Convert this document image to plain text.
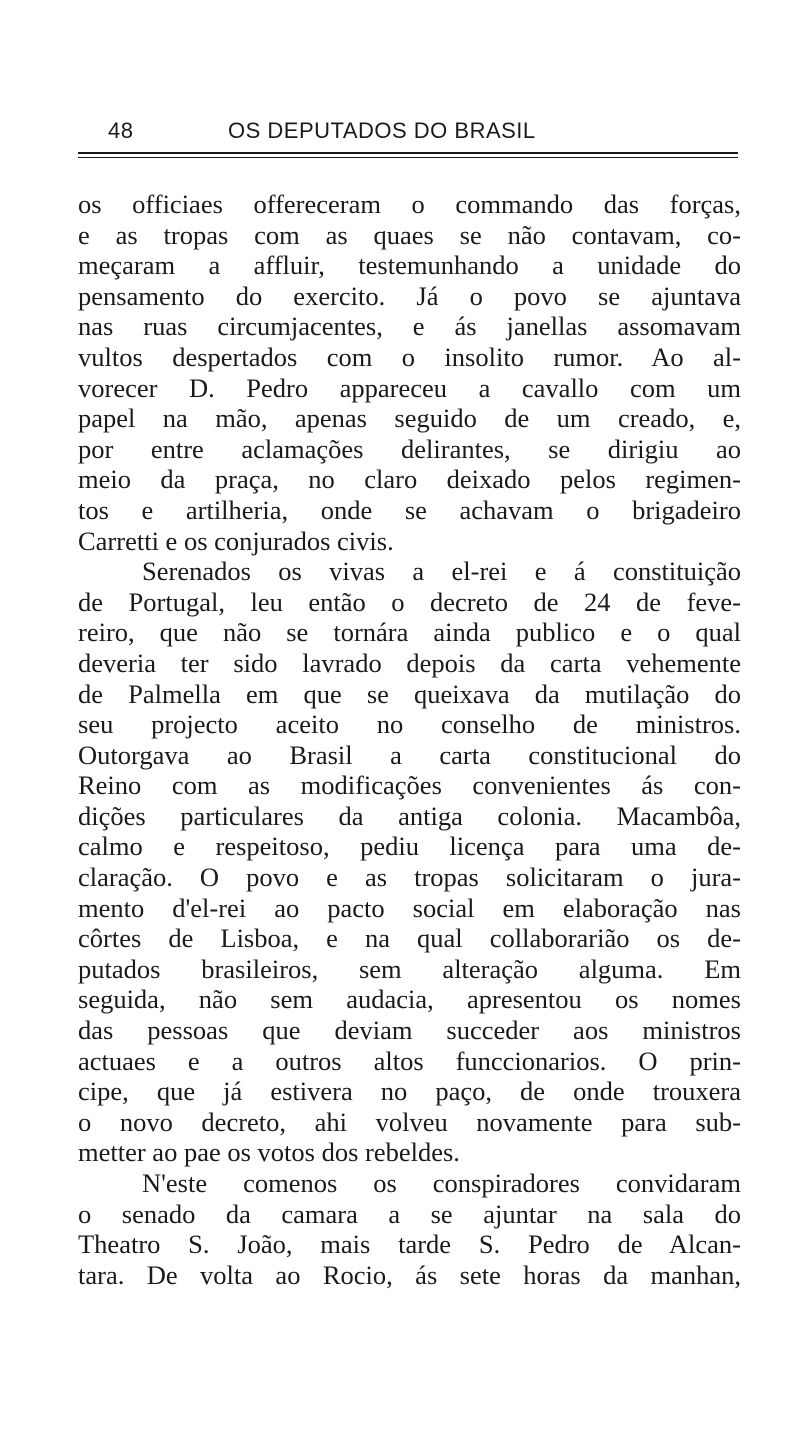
48	OS DEPUTADOS DO BRASIL
os officiaes offereceram o commando das forças,
e as tropas com as quaes se não contavam, co-
meçaram a affluir, testemunhando a unidade do
pensamento do exercito. Já o povo se ajuntava
nas ruas circumjacentes, e ás janellas assomavam
vultos despertados com o insolito rumor. Ao al-
vorecer D. Pedro appareceu a cavallo com um
papel na mão, apenas seguido de um creado, e,
por entre aclamações delirantes, se dirigiu ao
meio da praça, no claro deixado pelos regimen-
tos e artilheria, onde se achavam o brigadeiro
Carretti e os conjurados civis.
Serenados os vivas a el-rei e á constituição
de Portugal, leu então o decreto de 24 de feve-
reiro, que não se tornára ainda publico e o qual
deveria ter sido lavrado depois da carta vehemente
de Palmella em que se queixava da mutilação do
seu projecto aceito no conselho de ministros.
Outorgava ao Brasil a carta constitucional do
Reino com as modificações convenientes ás con-
dições particulares da antiga colonia. Macambôa,
calmo e respeitoso, pediu licença para uma de-
claração. O povo e as tropas solicitaram o jura-
mento d'el-rei ao pacto social em elaboração nas
côrtes de Lisboa, e na qual collaborarião os de-
putados brasileiros, sem alteração alguma. Em
seguida, não sem audacia, apresentou os nomes
das pessoas que deviam succeder aos ministros
actuaes e a outros altos funccionarios. O prin-
cipe, que já estivera no paço, de onde trouxera
o novo decreto, ahi volveu novamente para sub-
metter ao pae os votos dos rebeldes.
N'este comenos os conspiradores convidaram
o senado da camara a se ajuntar na sala do
Theatro S. João, mais tarde S. Pedro de Alcan-
tara. De volta ao Rocio, ás sete horas da manhan,
